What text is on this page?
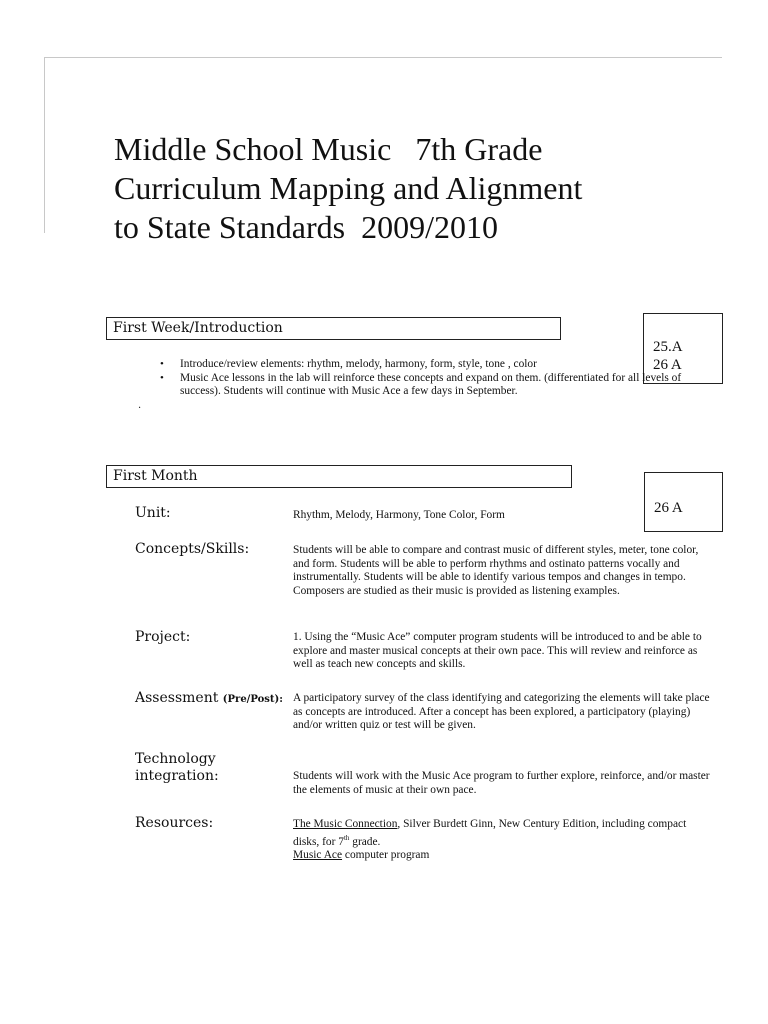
Middle School Music   7th Grade
Curriculum Mapping and Alignment
to State Standards  2009/2010
First Week/Introduction
25.A
26 A
• Introduce/review elements: rhythm, melody, harmony, form, style, tone , color
• Music Ace lessons in the lab will reinforce these concepts and expand on them. (differentiated for all levels of success). Students will continue with Music Ace a few days in September.
.
First Month
26 A
Unit:	Rhythm, Melody, Harmony, Tone Color, Form
Concepts/Skills:	Students will be able to compare and contrast music of different styles, meter, tone color, and form. Students will be able to perform rhythms and ostinato patterns vocally and instrumentally. Students will be able to identify various tempos and changes in tempo. Composers are studied as their music is provided as listening examples.
Project:	1. Using the “Music Ace” computer program students will be introduced to and be able to explore and master musical concepts at their own pace. This will review and reinforce as well as teach new concepts and skills.
Assessment (Pre/Post): A participatory survey of the class identifying and categorizing the elements will take place as concepts are introduced. After a concept has been explored, a participatory (playing) and/or written quiz or test will be given.
Technology
integration:	Students will work with the Music Ace program to further explore, reinforce, and/or master the elements of music at their own pace.
Resources:	The Music Connection, Silver Burdett Ginn, New Century Edition, including compact disks, for 7th grade.
Music Ace computer program
